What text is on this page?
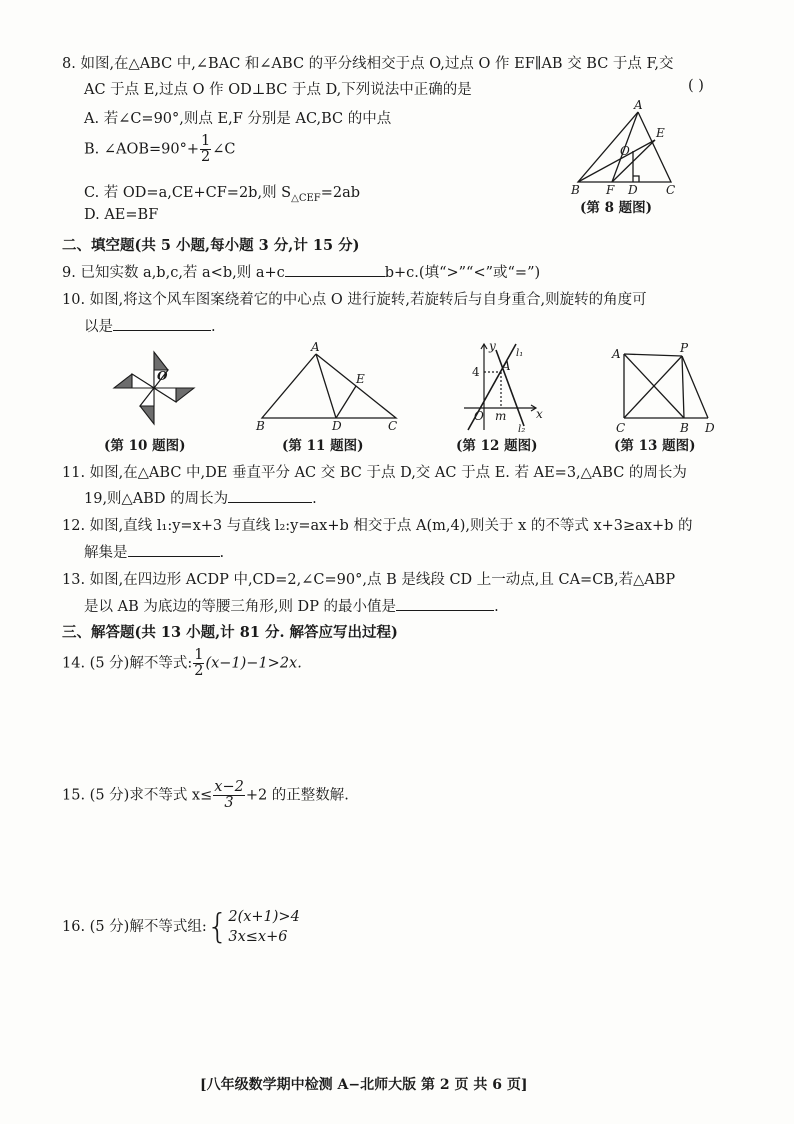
8. 如图,在△ABC 中,∠BAC 和∠ABC 的平分线相交于点 O,过点 O 作 EF∥AB 交 BC 于点 F,交
AC 于点 E,过点 O 作 OD⊥BC 于点 D,下列说法中正确的是	( )
A. 若∠C=90°,则点 E,F 分别是 AC,BC 的中点
B. ∠AOB=90°+ $\frac{1}{2}$ ∠C
C. 若 OD=a,CE+CF=2b,则 $S_{\triangle CEF}=2ab$
D. AE=BF
A
B F D C
E
O
(第 8 题图)
二、填空题(共 5 小题,每小题 3 分,计 15 分)
9. 已知实数 a,b,c,若 a<b,则 a+c	b+c.(填“>”“<”或“=”)
10. 如图,将这个风车图案绕着它的中心点 O 进行旋转,若旋转后与自身重合,则旋转的角度可
以是	.
O
(第 10 题图)
A
B	D	C
E
(第 11 题图)
y
x
O m
4 A
l₁
l₂
(第 12 题图)
A	P
C	B D
(第 13 题图)
11. 如图,在△ABC 中,DE 垂直平分 AC 交 BC 于点 D,交 AC 于点 E. 若 AE=3,△ABC 的周长为
19,则△ABD 的周长为	.
12. 如图,直线 l₁:y=x+3 与直线 l₂:y=ax+b 相交于点 A(m,4),则关于 x 的不等式 x+3≥ax+b 的
解集是	.
13. 如图,在四边形 ACDP 中,CD=2,∠C=90°,点 B 是线段 CD 上一动点,且 CA=CB,若△ABP
是以 AB 为底边的等腰三角形,则 DP 的最小值是	.
三、解答题(共 13 小题,计 81 分. 解答应写出过程)
14. (5 分)解不等式: $\frac{1}{2} (x-1)-1>2x$.
15. (5 分)求不等式 $x\le \frac{x-2}{3} +2$ 的正整数解.
16. (5 分)解不等式组:{ 2(x+1)>4
3x≤x+6
[八年级数学期中检测 A−北师大版 第 2 页 共 6 页]
